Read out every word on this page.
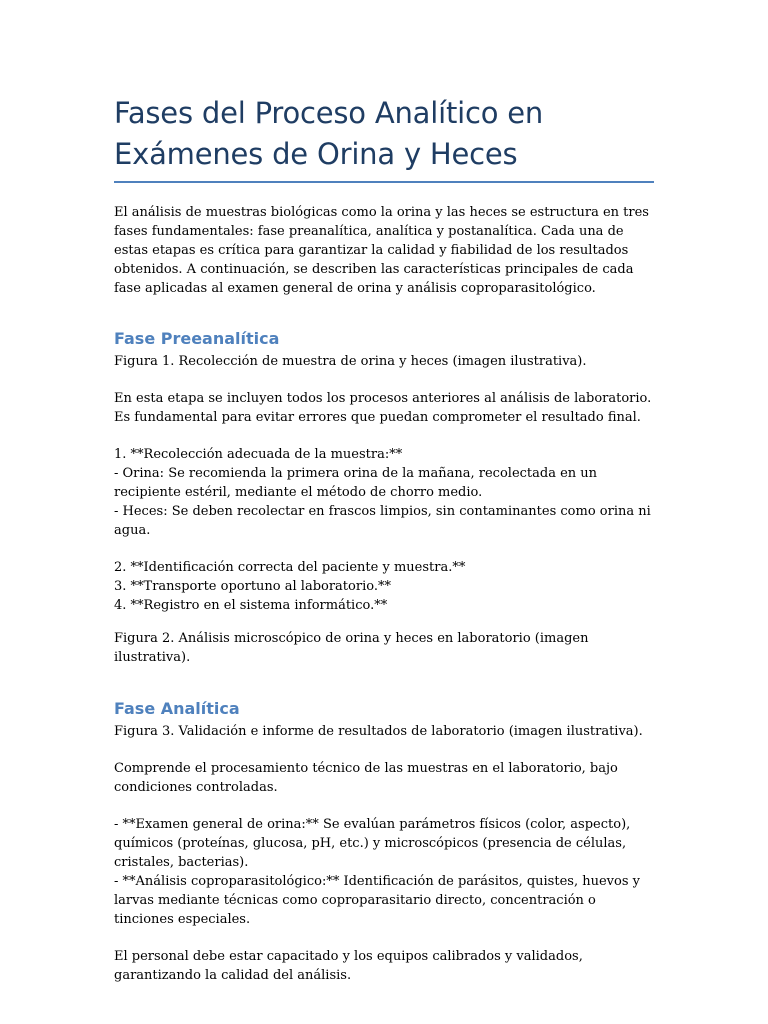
Fases del Proceso Analítico en
Exámenes de Orina y Heces

El análisis de muestras biológicas como la orina y las heces se estructura en tres fases fundamentales: fase preanalítica, analítica y postanalítica. Cada una de estas etapas es crítica para garantizar la calidad y fiabilidad de los resultados obtenidos. A continuación, se describen las características principales de cada fase aplicadas al examen general de orina y análisis coproparasitológico.

Fase Preeanalítica

Figura 1. Recolección de muestra de orina y heces (imagen ilustrativa).

En esta etapa se incluyen todos los procesos anteriores al análisis de laboratorio. Es fundamental para evitar errores que puedan comprometer el resultado final.

1. **Recolección adecuada de la muestra:**

- Orina: Se recomienda la primera orina de la mañana, recolectada en un recipiente estéril, mediante el método de chorro medio.

- Heces: Se deben recolectar en frascos limpios, sin contaminantes como orina ni agua.

2. **Identificación correcta del paciente y muestra.**

3. **Transporte oportuno al laboratorio.**

4. **Registro en el sistema informático.**

Figura 2. Análisis microscópico de orina y heces en laboratorio (imagen ilustrativa).

Fase Analítica

Figura 3. Validación e informe de resultados de laboratorio (imagen ilustrativa).

Comprende el procesamiento técnico de las muestras en el laboratorio, bajo condiciones controladas.

- **Examen general de orina:** Se evalúan parámetros físicos (color, aspecto), químicos (proteínas, glucosa, pH, etc.) y microscópicos (presencia de células, cristales, bacterias).

- **Análisis coproparasitológico:** Identificación de parásitos, quistes, huevos y larvas mediante técnicas como coproparasitario directo, concentración o tinciones especiales.

El personal debe estar capacitado y los equipos calibrados y validados, garantizando la calidad del análisis.
